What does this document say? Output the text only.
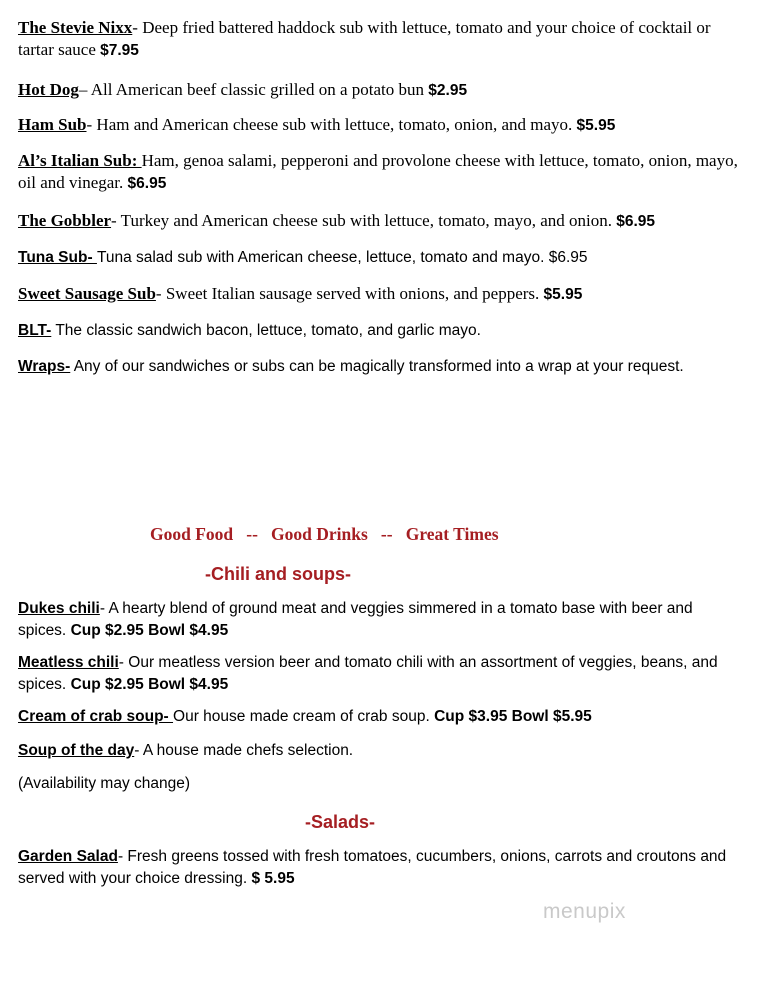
The Stevie Nixx- Deep fried battered haddock sub with lettuce, tomato and your choice of cocktail or tartar sauce $7.95
Hot Dog– All American beef classic grilled on a potato bun $2.95
Ham Sub- Ham and American cheese sub with lettuce, tomato, onion, and mayo. $5.95
Al’s Italian Sub: Ham, genoa salami, pepperoni and provolone cheese with lettuce, tomato, onion, mayo, oil and vinegar. $6.95
The Gobbler- Turkey and American cheese sub with lettuce, tomato, mayo, and onion. $6.95
Tuna Sub- Tuna salad sub with American cheese, lettuce, tomato and mayo. $6.95
Sweet Sausage Sub- Sweet Italian sausage served with onions, and peppers. $5.95
BLT- The classic sandwich bacon, lettuce, tomato, and garlic mayo.
Wraps- Any of our sandwiches or subs can be magically transformed into a wrap at your request.
Good Food   --   Good Drinks   --   Great Times
-Chili and soups-
Dukes chili- A hearty blend of ground meat and veggies simmered in a tomato base with beer and spices. Cup $2.95 Bowl $4.95
Meatless chili- Our meatless version beer and tomato chili with an assortment of veggies, beans, and spices. Cup $2.95 Bowl $4.95
Cream of crab soup- Our house made cream of crab soup. Cup $3.95 Bowl $5.95
Soup of the day- A house made chefs selection.
(Availability may change)
-Salads-
Garden Salad- Fresh greens tossed with fresh tomatoes, cucumbers, onions, carrots and croutons and served with your choice dressing. $ 5.95
menupix
